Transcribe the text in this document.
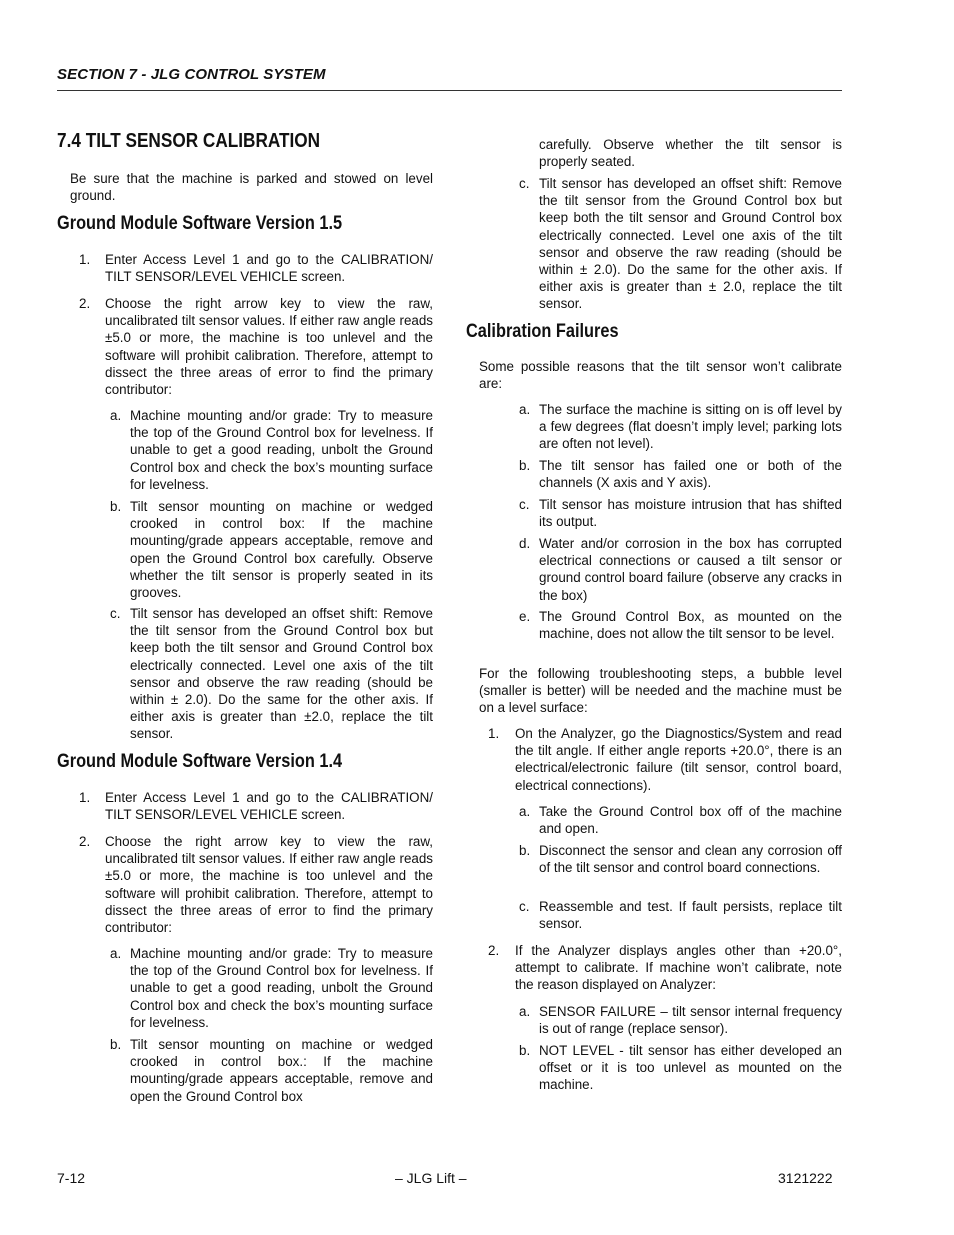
SECTION 7 - JLG CONTROL SYSTEM
7.4 TILT SENSOR CALIBRATION
Be sure that the machine is parked and stowed on level ground.
Ground Module Software Version 1.5
1. Enter Access Level 1 and go to the CALIBRATION/ TILT SENSOR/LEVEL VEHICLE screen.
2. Choose the right arrow key to view the raw, uncalibrated tilt sensor values. If either raw angle reads ±5.0 or more, the machine is too unlevel and the software will prohibit calibration. Therefore, attempt to dissect the three areas of error to find the primary contributor:
a. Machine mounting and/or grade: Try to measure the top of the Ground Control box for levelness. If unable to get a good reading, unbolt the Ground Control box and check the box’s mounting surface for levelness.
b. Tilt sensor mounting on machine or wedged crooked in control box: If the machine mounting/grade appears acceptable, remove and open the Ground Control box carefully. Observe whether the tilt sensor is properly seated in its grooves.
c. Tilt sensor has developed an offset shift: Remove the tilt sensor from the Ground Control box but keep both the tilt sensor and Ground Control box electrically connected. Level one axis of the tilt sensor and observe the raw reading (should be within ± 2.0). Do the same for the other axis. If either axis is greater than ±2.0, replace the tilt sensor.
Ground Module Software Version 1.4
1. Enter Access Level 1 and go to the CALIBRATION/ TILT SENSOR/LEVEL VEHICLE screen.
2. Choose the right arrow key to view the raw, uncalibrated tilt sensor values. If either raw angle reads ±5.0 or more, the machine is too unlevel and the software will prohibit calibration. Therefore, attempt to dissect the three areas of error to find the primary contributor:
a. Machine mounting and/or grade: Try to measure the top of the Ground Control box for levelness. If unable to get a good reading, unbolt the Ground Control box and check the box’s mounting surface for levelness.
b. Tilt sensor mounting on machine or wedged crooked in control box.: If the machine mounting/grade appears acceptable, remove and open the Ground Control box
carefully. Observe whether the tilt sensor is properly seated.
c. Tilt sensor has developed an offset shift: Remove the tilt sensor from the Ground Control box but keep both the tilt sensor and Ground Control box electrically connected. Level one axis of the tilt sensor and observe the raw reading (should be within ± 2.0). Do the same for the other axis. If either axis is greater than ± 2.0, replace the tilt sensor.
Calibration Failures
Some possible reasons that the tilt sensor won’t calibrate are:
a. The surface the machine is sitting on is off level by a few degrees (flat doesn’t imply level; parking lots are often not level).
b. The tilt sensor has failed one or both of the channels (X axis and Y axis).
c. Tilt sensor has moisture intrusion that has shifted its output.
d. Water and/or corrosion in the box has corrupted electrical connections or caused a tilt sensor or ground control board failure (observe any cracks in the box)
e. The Ground Control Box, as mounted on the machine, does not allow the tilt sensor to be level.
For the following troubleshooting steps, a bubble level (smaller is better) will be needed and the machine must be on a level surface:
1. On the Analyzer, go the Diagnostics/System and read the tilt angle. If either angle reports +20.0°, there is an electrical/electronic failure (tilt sensor, control board, electrical connections).
a. Take the Ground Control box off of the machine and open.
b. Disconnect the sensor and clean any corrosion off of the tilt sensor and control board connections.
c. Reassemble and test. If fault persists, replace tilt sensor.
2. If the Analyzer displays angles other than +20.0°, attempt to calibrate. If machine won’t calibrate, note the reason displayed on Analyzer:
a. SENSOR FAILURE – tilt sensor internal frequency is out of range (replace sensor).
b. NOT LEVEL - tilt sensor has either developed an offset or it is too unlevel as mounted on the machine.
7-12	– JLG Lift –	3121222
